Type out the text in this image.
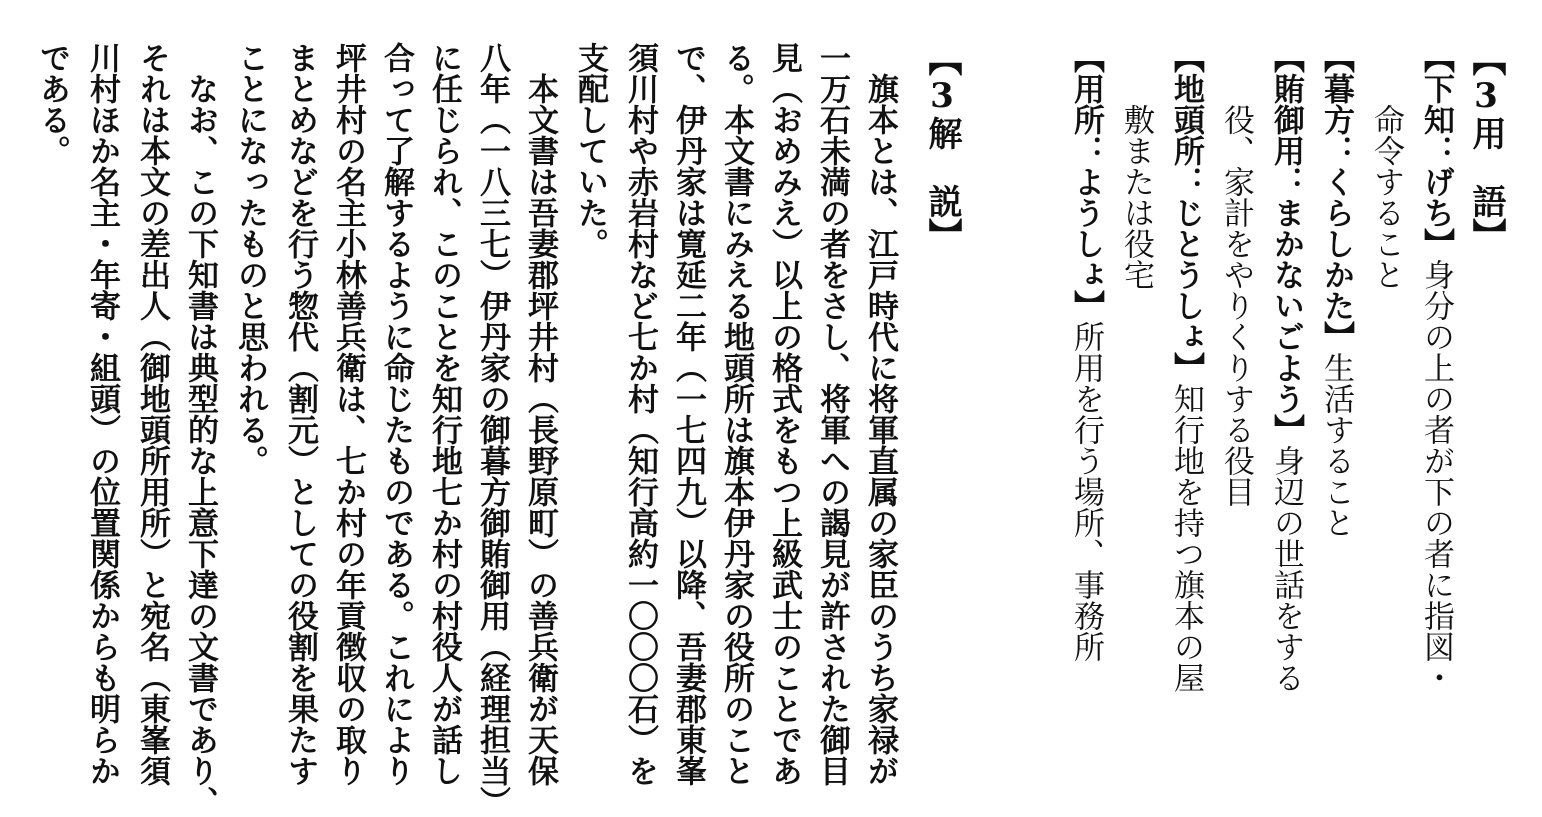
【3用　語】
【下知：げち】身分の上の者が下の者に指図・
命令すること
【暮方：くらしかた】生活すること
【賄御用：まかないごよう】身辺の世話をする
役、家計をやりくりする役目
【地頭所：じとうしょ】知行地を持つ旗本の屋
敷または役宅
【用所：ようしょ】所用を行う場所、事務所
【3解　説】
　旗本とは、江戸時代に将軍直属の家臣のうち家禄が
一万石未満の者をさし、将軍への謁見が許された御目
見（おめみえ）以上の格式をもつ上級武士のことであ
る。本文書にみえる地頭所は旗本伊丹家の役所のこと
で、伊丹家は寛延二年（一七四九）以降、吾妻郡東峯
須川村や赤岩村など七か村（知行高約一〇〇〇石）を
支配していた。
　本文書は吾妻郡坪井村（長野原町）の善兵衛が天保
八年（一八三七）伊丹家の御暮方御賄御用（経理担当）
に任じられ、このことを知行地七か村の村役人が話し
合って了解するように命じたものである。これにより
坪井村の名主小林善兵衛は、七か村の年貢徴収の取り
まとめなどを行う惣代（割元）としての役割を果たす
ことになったものと思われる。
　なお、この下知書は典型的な上意下達の文書であり、
それは本文の差出人（御地頭所用所）と宛名（東峯須
川村ほか名主・年寄・組頭）の位置関係からも明らか
である。
